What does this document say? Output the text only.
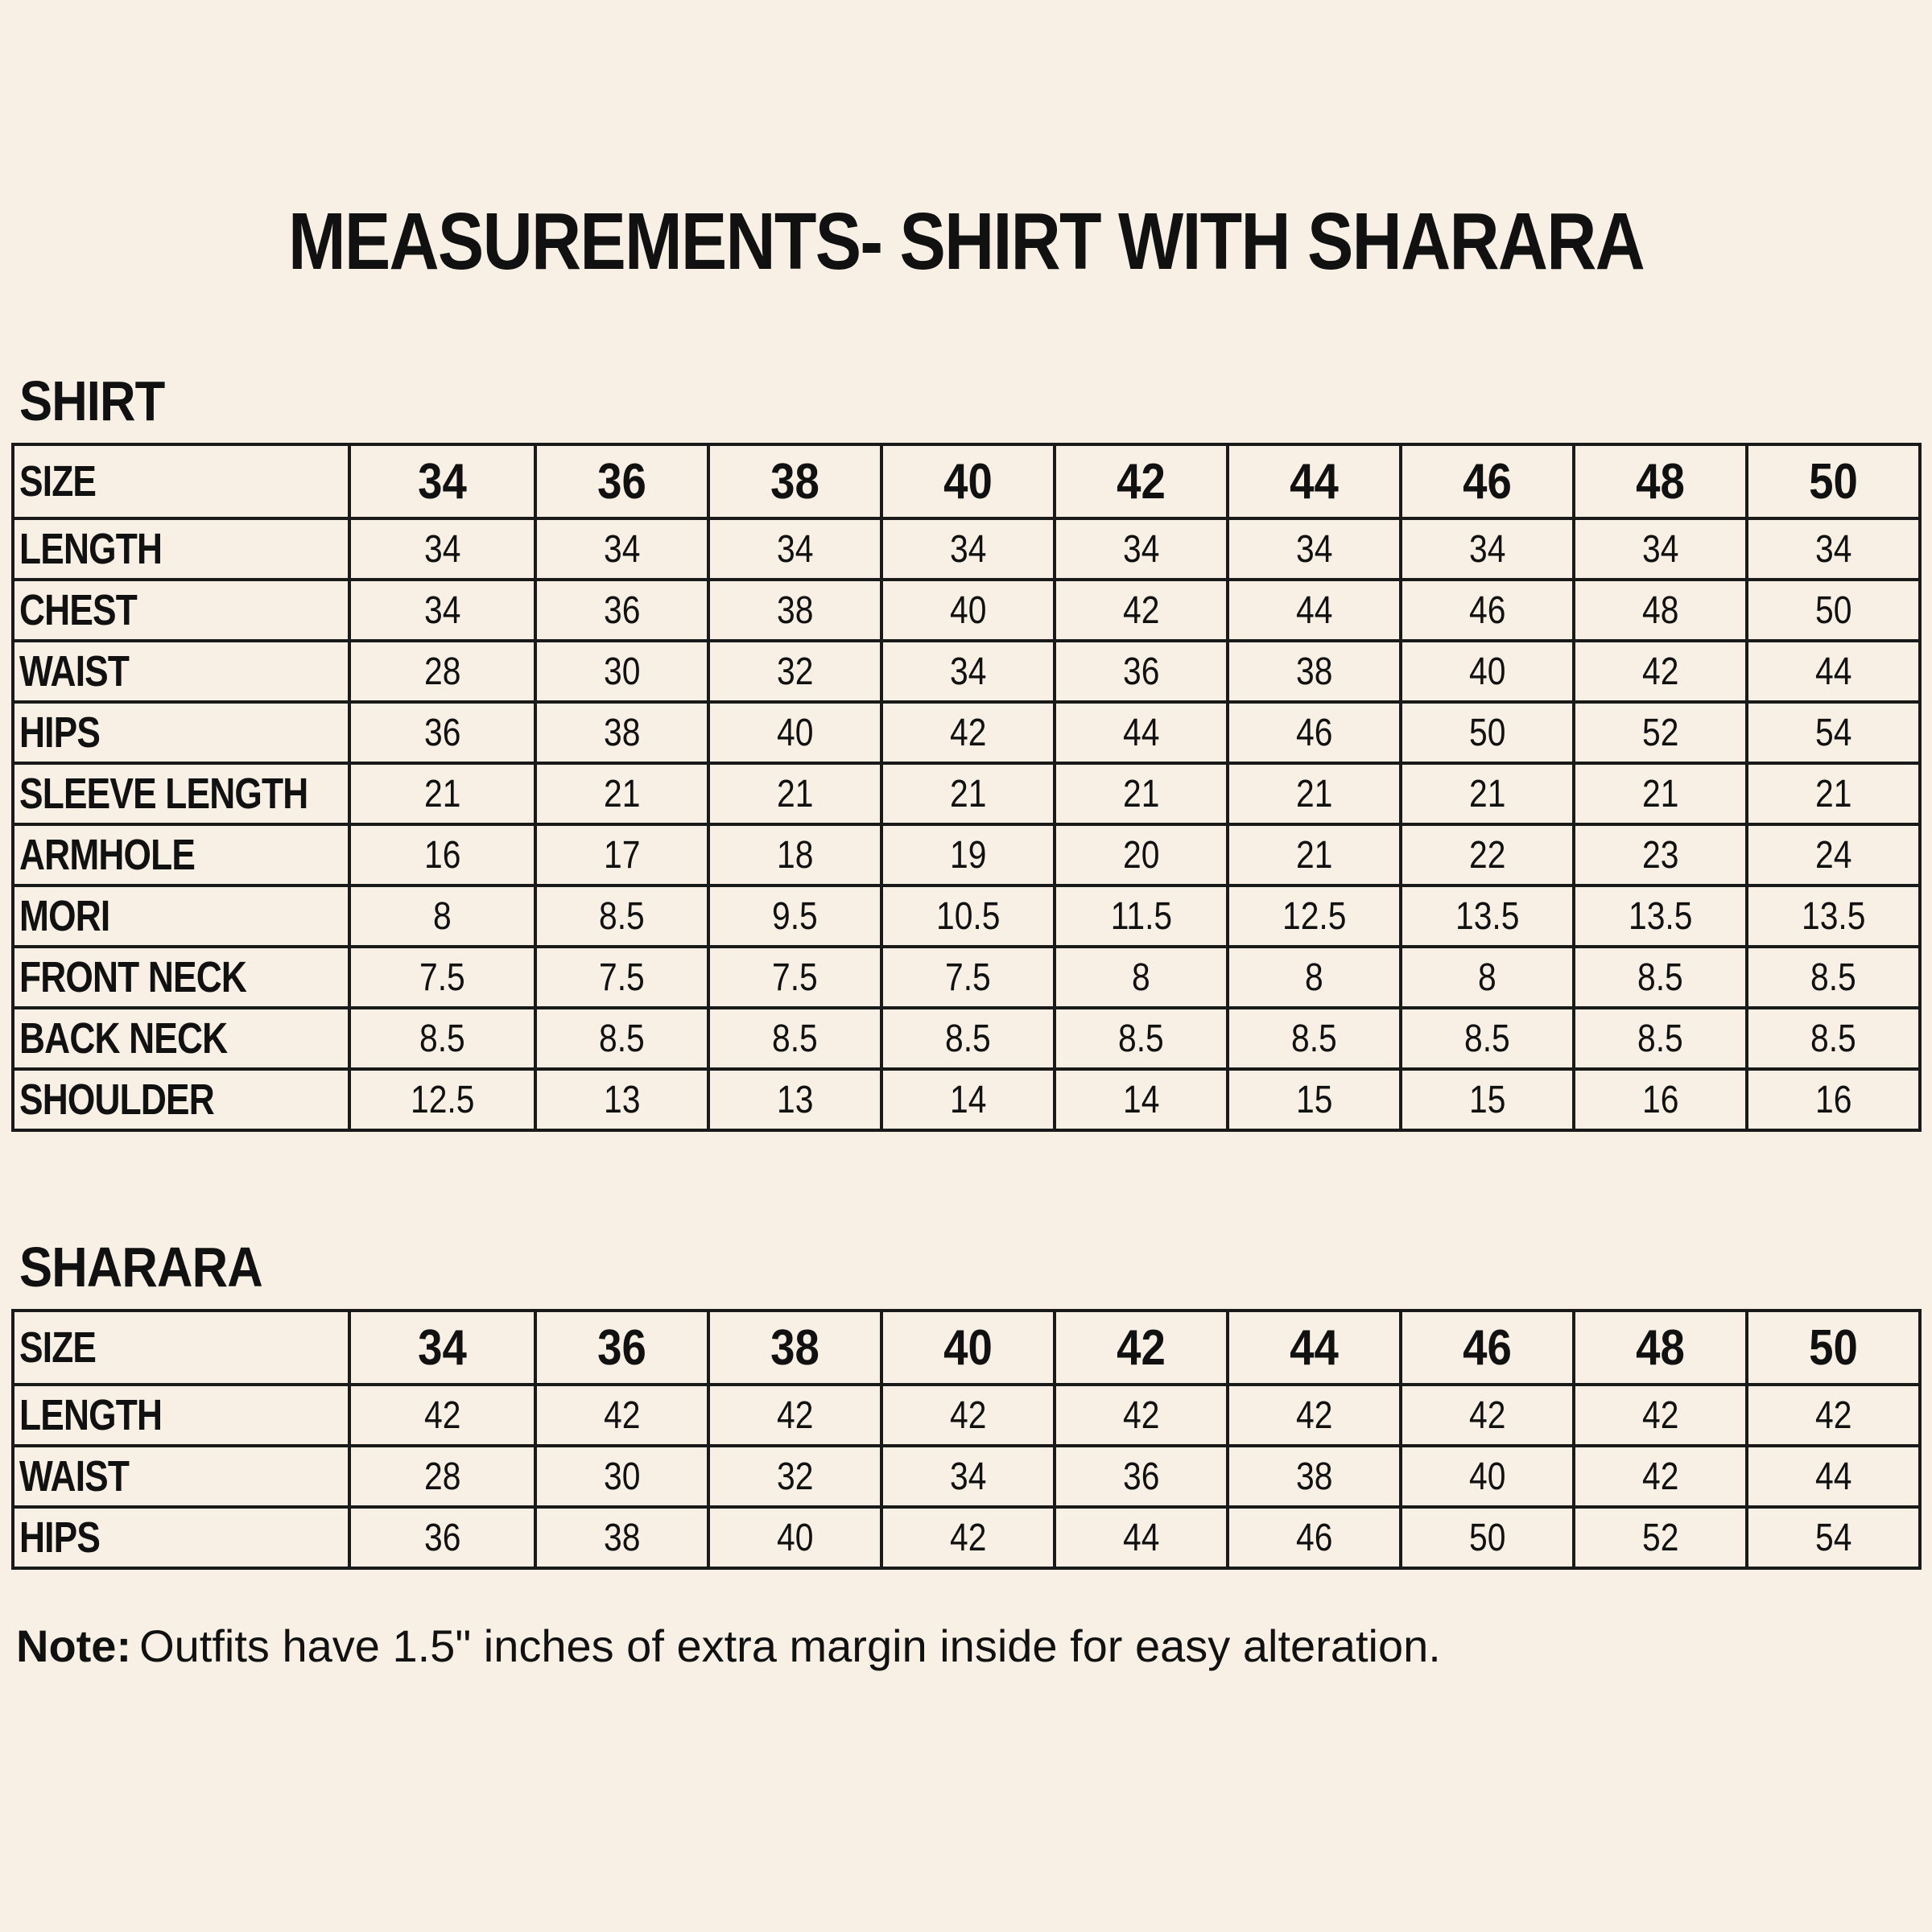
MEASUREMENTS- SHIRT WITH SHARARA
SHIRT
SIZE	34	36	38	40	42	44	46	48	50
LENGTH	34	34	34	34	34	34	34	34	34
CHEST	34	36	38	40	42	44	46	48	50
WAIST	28	30	32	34	36	38	40	42	44
HIPS	36	38	40	42	44	46	50	52	54
SLEEVE LENGTH	21	21	21	21	21	21	21	21	21
ARMHOLE	16	17	18	19	20	21	22	23	24
MORI	8	8.5	9.5	10.5	11.5	12.5	13.5	13.5	13.5
FRONT NECK	7.5	7.5	7.5	7.5	8	8	8	8.5	8.5
BACK NECK	8.5	8.5	8.5	8.5	8.5	8.5	8.5	8.5	8.5
SHOULDER	12.5	13	13	14	14	15	15	16	16
SHARARA
SIZE	34	36	38	40	42	44	46	48	50
LENGTH	42	42	42	42	42	42	42	42	42
WAIST	28	30	32	34	36	38	40	42	44
HIPS	36	38	40	42	44	46	50	52	54

Note: Outfits have 1.5" inches of extra margin inside for easy alteration.
